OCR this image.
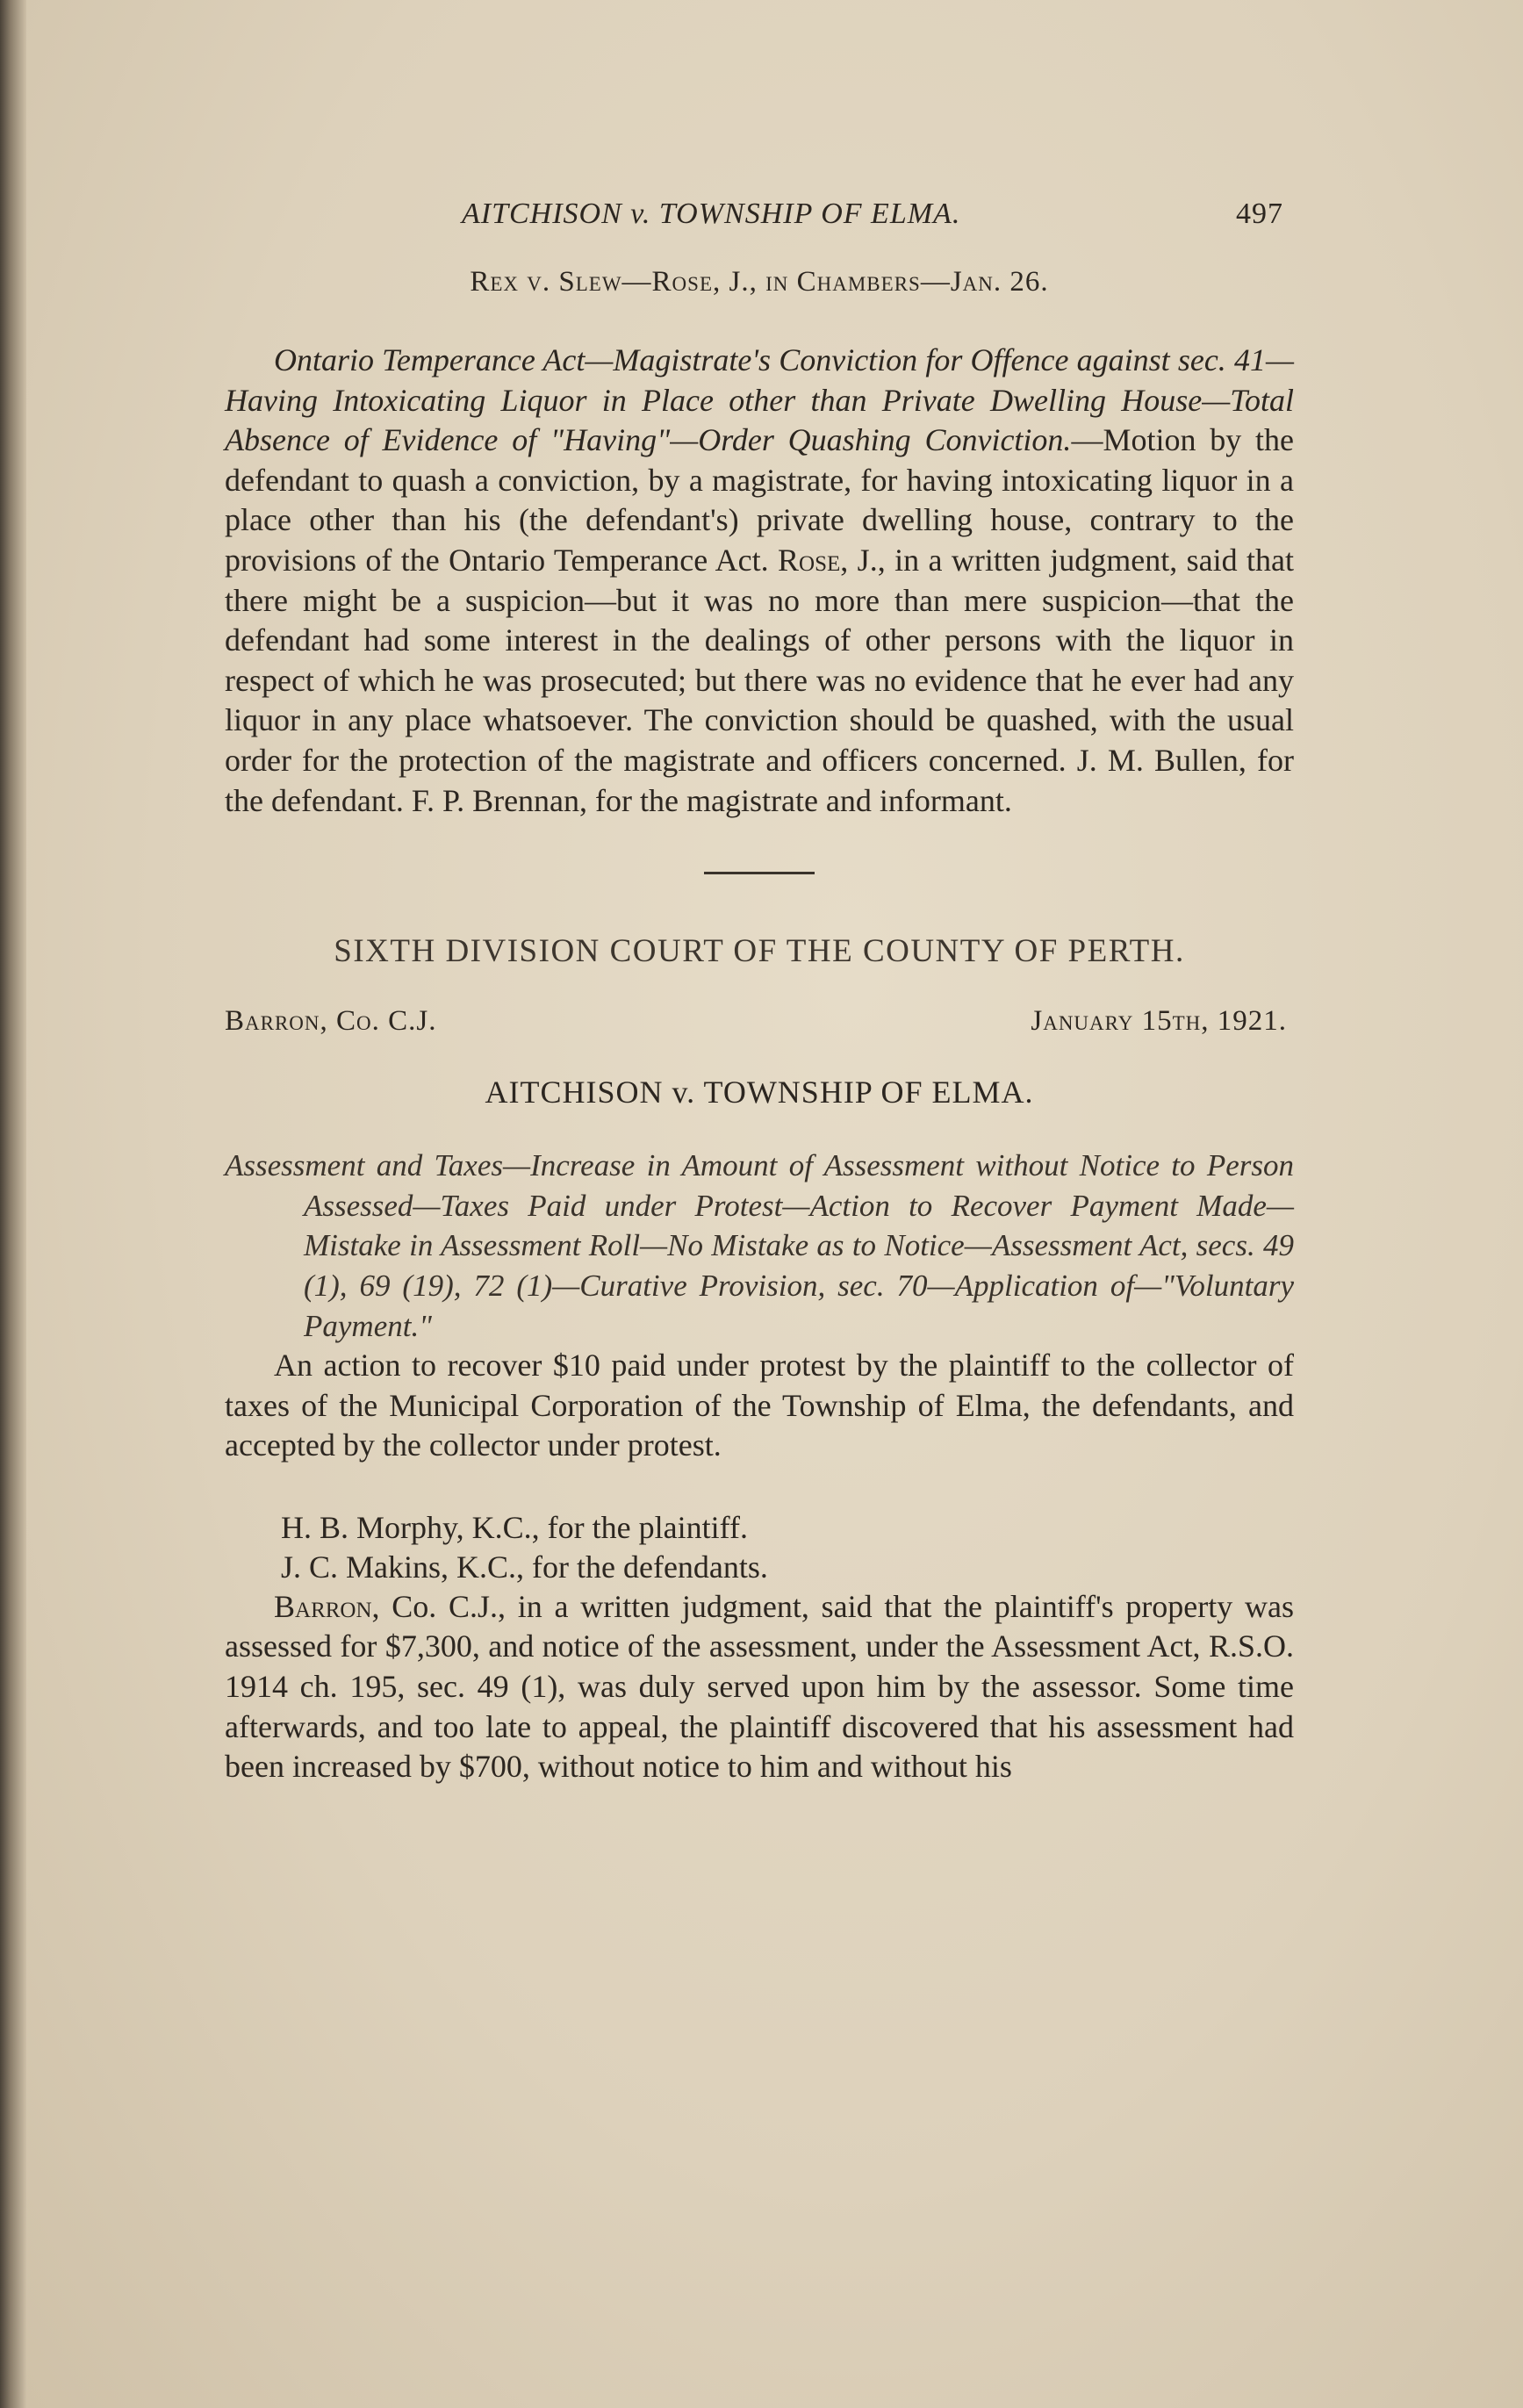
AITCHISON v. TOWNSHIP OF ELMA.	497
Rex v. Slew—Rose, J., in Chambers—Jan. 26.

Ontario Temperance Act—Magistrate's Conviction for Offence against sec. 41—Having Intoxicating Liquor in Place other than Private Dwelling House—Total Absence of Evidence of "Having"—Order Quashing Conviction.—Motion by the defendant to quash a conviction, by a magistrate, for having intoxicating liquor in a place other than his (the defendant's) private dwelling house, contrary to the provisions of the Ontario Temperance Act. Rose, J., in a written judgment, said that there might be a suspicion—but it was no more than mere suspicion—that the defendant had some interest in the dealings of other persons with the liquor in respect of which he was prosecuted; but there was no evidence that he ever had any liquor in any place whatsoever. The conviction should be quashed, with the usual order for the protection of the magistrate and officers concerned. J. M. Bullen, for the defendant. F. P. Brennan, for the magistrate and informant.

SIXTH DIVISION COURT OF THE COUNTY OF PERTH.
Barron, Co. C.J.	January 15th, 1921.
AITCHISON v. TOWNSHIP OF ELMA.
Assessment and Taxes—Increase in Amount of Assessment without Notice to Person Assessed—Taxes Paid under Protest—Action to Recover Payment Made—Mistake in Assessment Roll—No Mistake as to Notice—Assessment Act, secs. 49 (1), 69 (19), 72 (1)—Curative Provision, sec. 70—Application of—"Voluntary Payment."

An action to recover $10 paid under protest by the plaintiff to the collector of taxes of the Municipal Corporation of the Township of Elma, the defendants, and accepted by the collector under protest.

H. B. Morphy, K.C., for the plaintiff.
J. C. Makins, K.C., for the defendants.

Barron, Co. C.J., in a written judgment, said that the plaintiff's property was assessed for $7,300, and notice of the assessment, under the Assessment Act, R.S.O. 1914 ch. 195, sec. 49 (1), was duly served upon him by the assessor. Some time afterwards, and too late to appeal, the plaintiff discovered that his assessment had been increased by $700, without notice to him and without his
